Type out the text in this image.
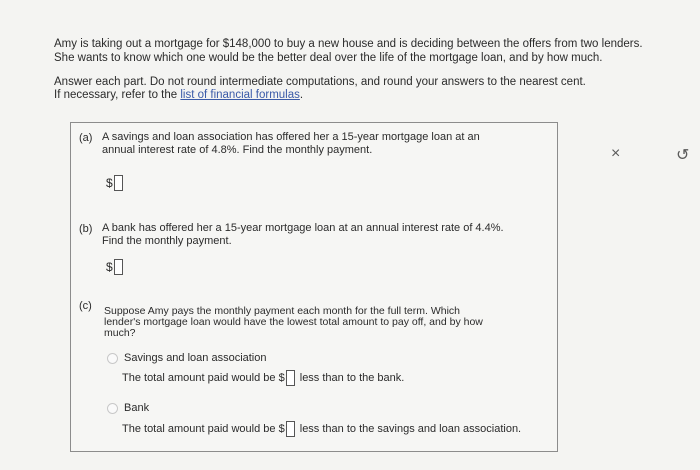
Amy is taking out a mortgage for $148,000 to buy a new house and is deciding between the offers from two lenders.

She wants to know which one would be the better deal over the life of the mortgage loan, and by how much.

Answer each part. Do not round intermediate computations, and round your answers to the nearest cent.

If necessary, refer to the list of financial formulas.

(a) A savings and loan association has offered her a 15-year mortgage loan at an
annual interest rate of 4.8%. Find the monthly payment.
$
(b) A bank has offered her a 15-year mortgage loan at an annual interest rate of 4.4%.
Find the monthly payment.
$
(c) Suppose Amy pays the monthly payment each month for the full term. Which
lender's mortgage loan would have the lowest total amount to pay off, and by how
much?
Savings and loan association
The total amount paid would be $ less than to the bank.
Bank
The total amount paid would be $ less than to the savings and loan association.
×	↺
